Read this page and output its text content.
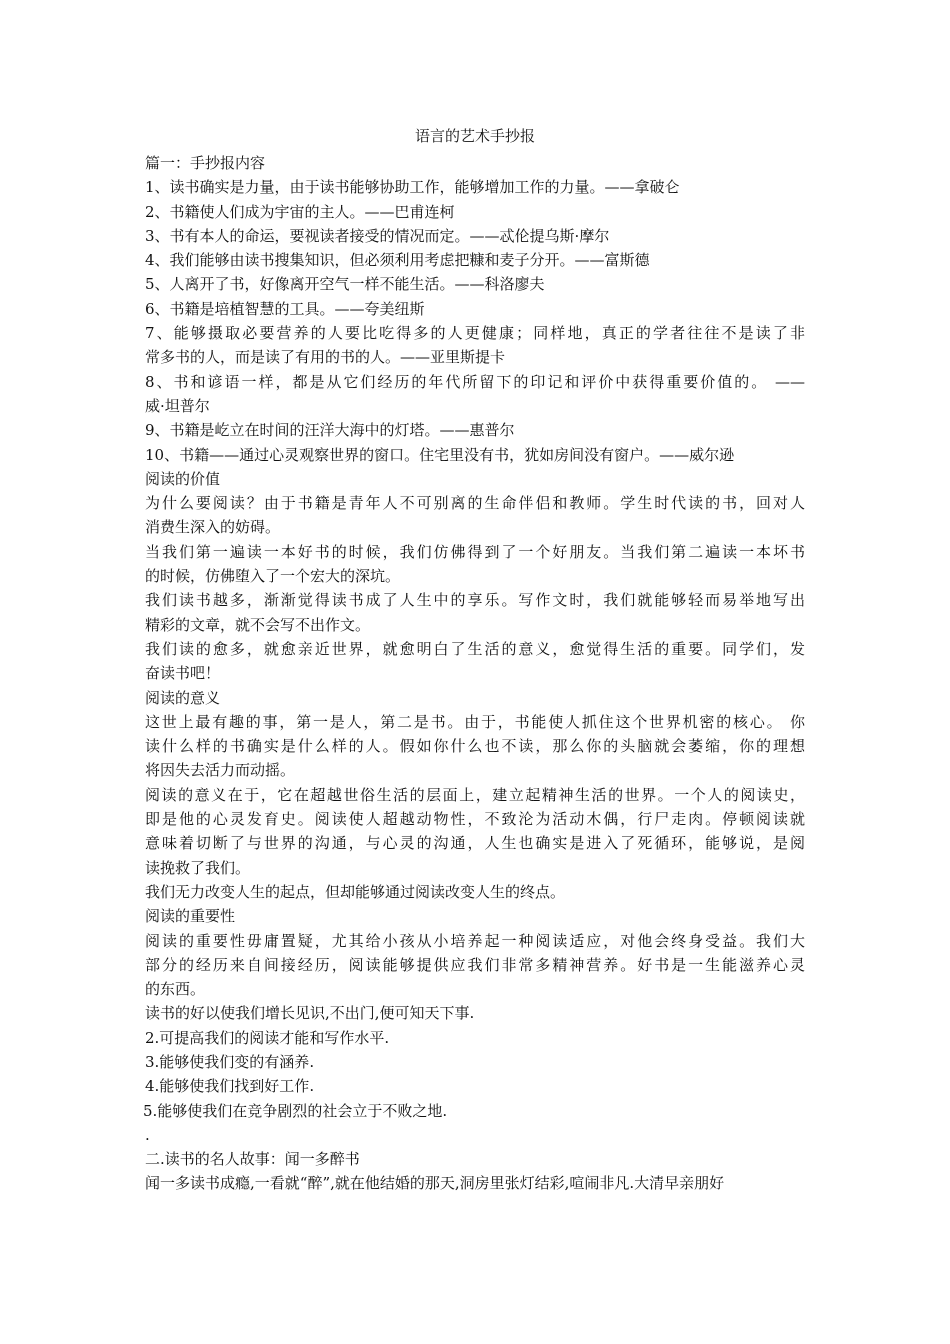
语言的艺术手抄报
篇一：手抄报内容
1、读书确实是力量，由于读书能够协助工作，能够增加工作的力量。——拿破仑
2、书籍使人们成为宇宙的主人。——巴甫连柯
3、书有本人的命运，要视读者接受的情况而定。——忒伦提乌斯·摩尔
4、我们能够由读书搜集知识，但必须利用考虑把糠和麦子分开。——富斯德
5、人离开了书，好像离开空气一样不能生活。——科洛廖夫
6、书籍是培植智慧的工具。——夸美纽斯
7、能够摄取必要营养的人要比吃得多的人更健康；同样地，真正的学者往往不是读了非
常多书的人，而是读了有用的书的人。——亚里斯提卡
8、书和谚语一样，都是从它们经历的年代所留下的印记和评价中获得重要价值的。 ——
威·坦普尔
9、书籍是屹立在时间的汪洋大海中的灯塔。——惠普尔
10、书籍——通过心灵观察世界的窗口。住宅里没有书，犹如房间没有窗户。——威尔逊
阅读的价值
为什么要阅读？由于书籍是青年人不可别离的生命伴侣和教师。学生时代读的书，回对人
消费生深入的妨碍。
当我们第一遍读一本好书的时候，我们仿佛得到了一个好朋友。当我们第二遍读一本坏书
的时候，仿佛堕入了一个宏大的深坑。
我们读书越多，渐渐觉得读书成了人生中的享乐。写作文时，我们就能够轻而易举地写出
精彩的文章，就不会写不出作文。
我们读的愈多，就愈亲近世界，就愈明白了生活的意义，愈觉得生活的重要。同学们，发
奋读书吧！
阅读的意义
这世上最有趣的事，第一是人，第二是书。由于，书能使人抓住这个世界机密的核心。 你
读什么样的书确实是什么样的人。假如你什么也不读，那么你的头脑就会萎缩，你的理想
将因失去活力而动摇。
阅读的意义在于，它在超越世俗生活的层面上，建立起精神生活的世界。一个人的阅读史，
即是他的心灵发育史。阅读使人超越动物性，不致沦为活动木偶，行尸走肉。停顿阅读就
意味着切断了与世界的沟通，与心灵的沟通，人生也确实是进入了死循环，能够说，是阅
读挽救了我们。
我们无力改变人生的起点，但却能够通过阅读改变人生的终点。
阅读的重要性
阅读的重要性毋庸置疑，尤其给小孩从小培养起一种阅读适应，对他会终身受益。我们大
部分的经历来自间接经历，阅读能够提供应我们非常多精神营养。好书是一生能滋养心灵
的东西。
读书的好以使我们增长见识,不出门,便可知天下事.
2.可提高我们的阅读才能和写作水平.
3.能够使我们变的有涵养.
4.能够使我们找到好工作.
5.能够使我们在竞争剧烈的社会立于不败之地.
.
二.读书的名人故事：闻一多醉书
闻一多读书成瘾,一看就“醉”,就在他结婚的那天,洞房里张灯结彩,喧闹非凡.大清早亲朋好
